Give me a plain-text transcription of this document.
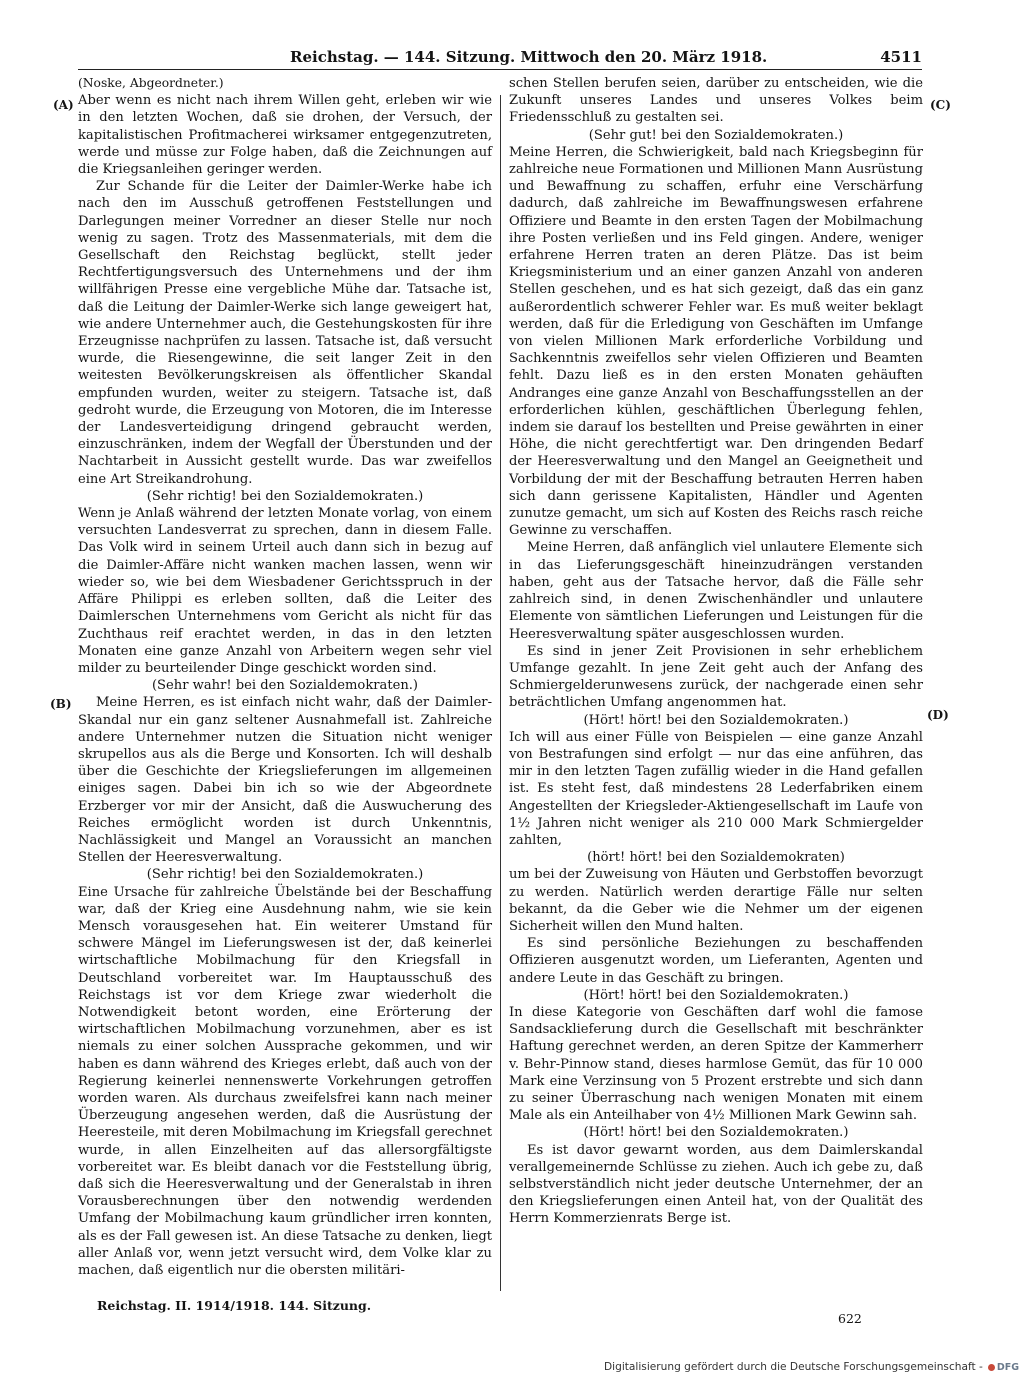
Reichstag. — 144. Sitzung. Mittwoch den 20. März 1918.	4511
(A)
(B)
(C)
(D)

(Noske, Abgeordneter.)

Aber wenn es nicht nach ihrem Willen geht, erleben wir wie in den letzten Wochen, daß sie drohen, der Versuch, der kapitalistischen Profitmacherei wirksamer entgegenzutreten, werde und müsse zur Folge haben, daß die Zeichnungen auf die Kriegsanleihen geringer werden.

Zur Schande für die Leiter der Daimler-Werke habe ich nach den im Ausschuß getroffenen Feststellungen und Darlegungen meiner Vorredner an dieser Stelle nur noch wenig zu sagen. Trotz des Massenmaterials, mit dem die Gesellschaft den Reichstag beglückt, stellt jeder Rechtfertigungsversuch des Unternehmens und der ihm willfährigen Presse eine vergebliche Mühe dar. Tatsache ist, daß die Leitung der Daimler-Werke sich lange geweigert hat, wie andere Unternehmer auch, die Gestehungskosten für ihre Erzeugnisse nachprüfen zu lassen. Tatsache ist, daß versucht wurde, die Riesengewinne, die seit langer Zeit in den weitesten Bevölkerungskreisen als öffentlicher Skandal empfunden wurden, weiter zu steigern. Tatsache ist, daß gedroht wurde, die Erzeugung von Motoren, die im Interesse der Landesverteidigung dringend gebraucht werden, einzuschränken, indem der Wegfall der Überstunden und der Nachtarbeit in Aussicht gestellt wurde. Das war zweifellos eine Art Streikandrohung.

(Sehr richtig! bei den Sozialdemokraten.)

Wenn je Anlaß während der letzten Monate vorlag, von einem versuchten Landesverrat zu sprechen, dann in diesem Falle. Das Volk wird in seinem Urteil auch dann sich in bezug auf die Daimler-Affäre nicht wanken machen lassen, wenn wir wieder so, wie bei dem Wiesbadener Gerichtsspruch in der Affäre Philippi es erleben sollten, daß die Leiter des Daimlerschen Unternehmens vom Gericht als nicht für das Zuchthaus reif erachtet werden, in das in den letzten Monaten eine ganze Anzahl von Arbeitern wegen sehr viel milder zu beurteilender Dinge geschickt worden sind.

(Sehr wahr! bei den Sozialdemokraten.)

Meine Herren, es ist einfach nicht wahr, daß der Daimler-Skandal nur ein ganz seltener Ausnahmefall ist. Zahlreiche andere Unternehmer nutzen die Situation nicht weniger skrupellos aus als die Berge und Konsorten. Ich will deshalb über die Geschichte der Kriegslieferungen im allgemeinen einiges sagen. Dabei bin ich so wie der Abgeordnete Erzberger vor mir der Ansicht, daß die Auswucherung des Reiches ermöglicht worden ist durch Unkenntnis, Nachlässigkeit und Mangel an Voraussicht an manchen Stellen der Heeresverwaltung.

(Sehr richtig! bei den Sozialdemokraten.)

Eine Ursache für zahlreiche Übelstände bei der Beschaffung war, daß der Krieg eine Ausdehnung nahm, wie sie kein Mensch vorausgesehen hat. Ein weiterer Umstand für schwere Mängel im Lieferungswesen ist der, daß keinerlei wirtschaftliche Mobilmachung für den Kriegsfall in Deutschland vorbereitet war. Im Hauptausschuß des Reichstags ist vor dem Kriege zwar wiederholt die Notwendigkeit betont worden, eine Erörterung der wirtschaftlichen Mobilmachung vorzunehmen, aber es ist niemals zu einer solchen Aussprache gekommen, und wir haben es dann während des Krieges erlebt, daß auch von der Regierung keinerlei nennenswerte Vorkehrungen getroffen worden waren. Als durchaus zweifelsfrei kann nach meiner Überzeugung angesehen werden, daß die Ausrüstung der Heeresteile, mit deren Mobilmachung im Kriegsfall gerechnet wurde, in allen Einzelheiten auf das allersorgfältigste vorbereitet war. Es bleibt danach vor die Feststellung übrig, daß sich die Heeresverwaltung und der Generalstab in ihren Vorausberechnungen über den notwendig werdenden Umfang der Mobilmachung kaum gründlicher irren konnten, als es der Fall gewesen ist. An diese Tatsache zu denken, liegt aller Anlaß vor, wenn jetzt versucht wird, dem Volke klar zu machen, daß eigentlich nur die obersten militäri-

schen Stellen berufen seien, darüber zu entscheiden, wie die Zukunft unseres Landes und unseres Volkes beim Friedensschluß zu gestalten sei.

(Sehr gut! bei den Sozialdemokraten.)

Meine Herren, die Schwierigkeit, bald nach Kriegsbeginn für zahlreiche neue Formationen und Millionen Mann Ausrüstung und Bewaffnung zu schaffen, erfuhr eine Verschärfung dadurch, daß zahlreiche im Bewaffnungswesen erfahrene Offiziere und Beamte in den ersten Tagen der Mobilmachung ihre Posten verließen und ins Feld gingen. Andere, weniger erfahrene Herren traten an deren Plätze. Das ist beim Kriegsministerium und an einer ganzen Anzahl von anderen Stellen geschehen, und es hat sich gezeigt, daß das ein ganz außerordentlich schwerer Fehler war. Es muß weiter beklagt werden, daß für die Erledigung von Geschäften im Umfange von vielen Millionen Mark erforderliche Vorbildung und Sachkenntnis zweifellos sehr vielen Offizieren und Beamten fehlt. Dazu ließ es in den ersten Monaten gehäuften Andranges eine ganze Anzahl von Beschaffungsstellen an der erforderlichen kühlen, geschäftlichen Überlegung fehlen, indem sie darauf los bestellten und Preise gewährten in einer Höhe, die nicht gerechtfertigt war. Den dringenden Bedarf der Heeresverwaltung und den Mangel an Geeignetheit und Vorbildung der mit der Beschaffung betrauten Herren haben sich dann gerissene Kapitalisten, Händler und Agenten zunutze gemacht, um sich auf Kosten des Reichs rasch reiche Gewinne zu verschaffen.

Meine Herren, daß anfänglich viel unlautere Elemente sich in das Lieferungsgeschäft hineinzudrängen verstanden haben, geht aus der Tatsache hervor, daß die Fälle sehr zahlreich sind, in denen Zwischenhändler und unlautere Elemente von sämtlichen Lieferungen und Leistungen für die Heeresverwaltung später ausgeschlossen wurden.

Es sind in jener Zeit Provisionen in sehr erheblichem Umfange gezahlt. In jene Zeit geht auch der Anfang des Schmiergelderunwesens zurück, der nachgerade einen sehr beträchtlichen Umfang angenommen hat.

(Hört! hört! bei den Sozialdemokraten.)

Ich will aus einer Fülle von Beispielen — eine ganze Anzahl von Bestrafungen sind erfolgt — nur das eine anführen, das mir in den letzten Tagen zufällig wieder in die Hand gefallen ist. Es steht fest, daß mindestens 28 Lederfabriken einem Angestellten der Kriegsleder-Aktiengesellschaft im Laufe von 1½ Jahren nicht weniger als 210 000 Mark Schmiergelder zahlten,

(hört! hört! bei den Sozialdemokraten)

um bei der Zuweisung von Häuten und Gerbstoffen bevorzugt zu werden. Natürlich werden derartige Fälle nur selten bekannt, da die Geber wie die Nehmer um der eigenen Sicherheit willen den Mund halten.

Es sind persönliche Beziehungen zu beschaffenden Offizieren ausgenutzt worden, um Lieferanten, Agenten und andere Leute in das Geschäft zu bringen.

(Hört! hört! bei den Sozialdemokraten.)

In diese Kategorie von Geschäften darf wohl die famose Sandsacklieferung durch die Gesellschaft mit beschränkter Haftung gerechnet werden, an deren Spitze der Kammerherr v. Behr-Pinnow stand, dieses harmlose Gemüt, das für 10 000 Mark eine Verzinsung von 5 Prozent erstrebte und sich dann zu seiner Überraschung nach wenigen Monaten mit einem Male als ein Anteilhaber von 4½ Millionen Mark Gewinn sah.

(Hört! hört! bei den Sozialdemokraten.)

Es ist davor gewarnt worden, aus dem Daimlerskandal verallgemeinernde Schlüsse zu ziehen. Auch ich gebe zu, daß selbstverständlich nicht jeder deutsche Unternehmer, der an den Kriegslieferungen einen Anteil hat, von der Qualität des Herrn Kommerzienrats Berge ist.

Reichstag. II. 1914/1918. 144. Sitzung.
622
Digitalisierung gefördert durch die Deutsche Forschungsgemeinschaft - DFG
